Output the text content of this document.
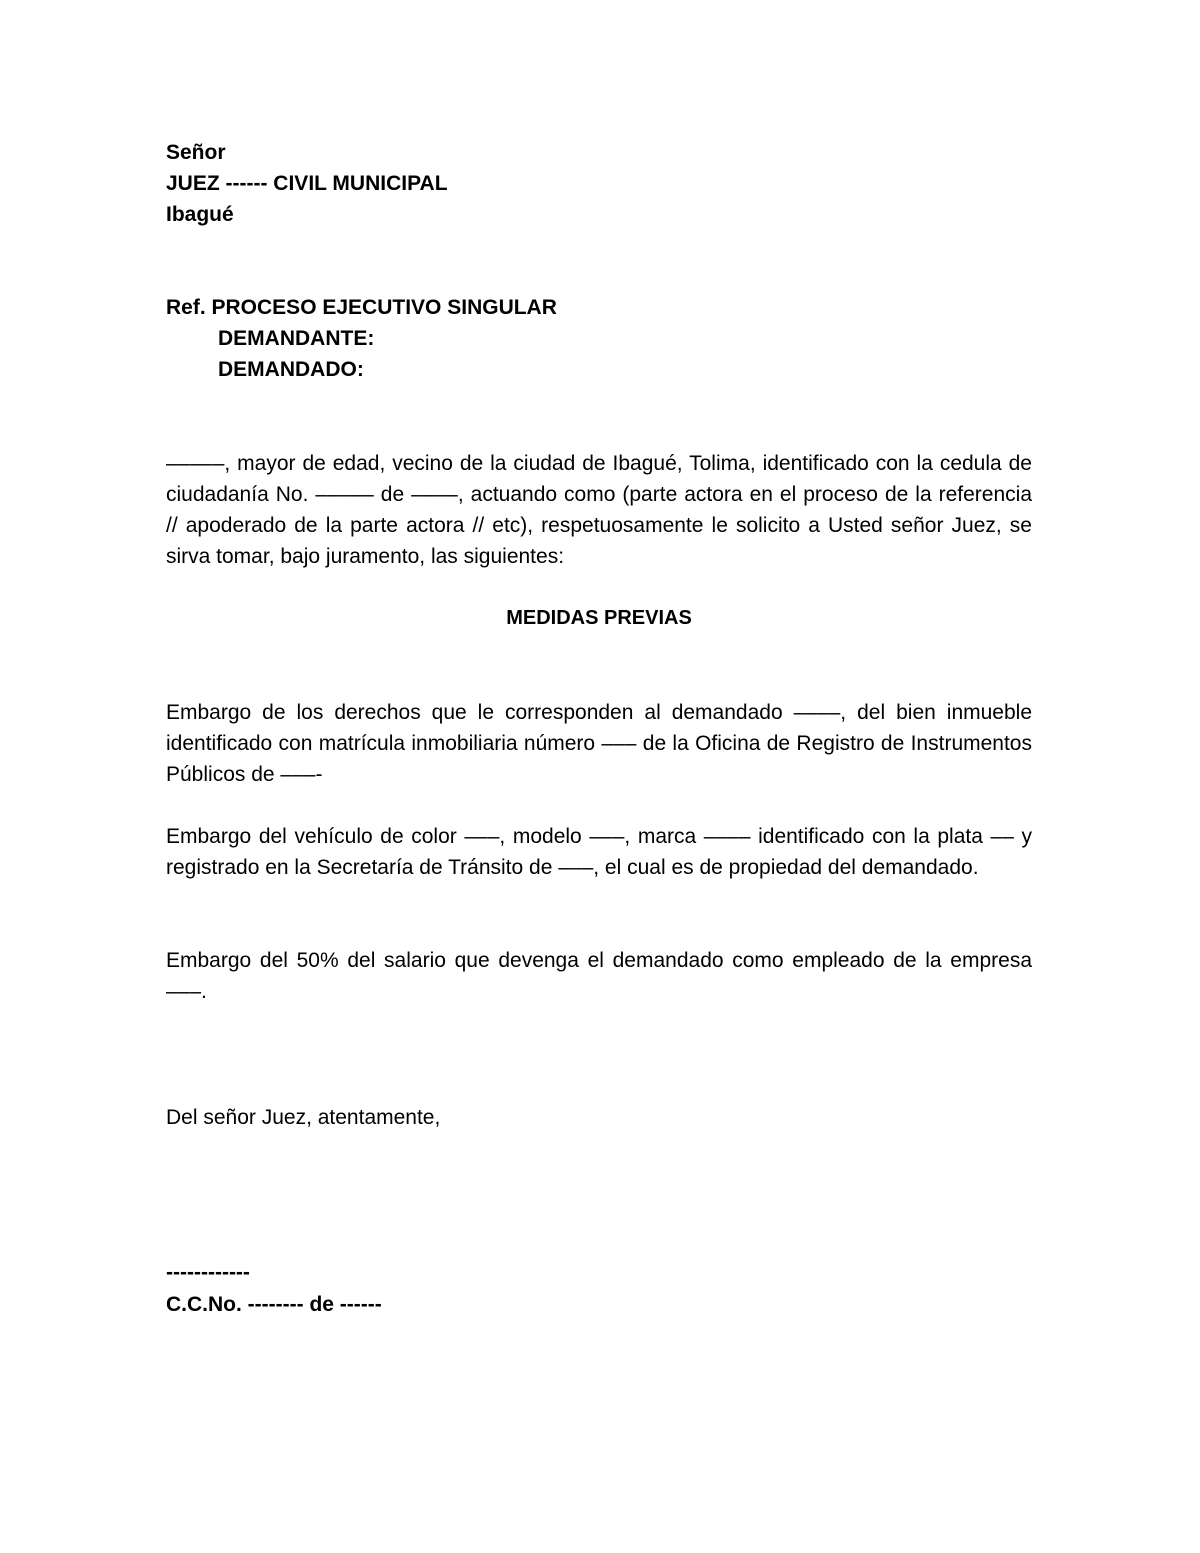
Señor
JUEZ ------ CIVIL MUNICIPAL
Ibagué
Ref. PROCESO EJECUTIVO SINGULAR
DEMANDANTE:
DEMANDADO:

–––––, mayor de edad, vecino de la ciudad de Ibagué, Tolima, identificado con la cedula de ciudadanía No. ––––– de ––––, actuando como (parte actora en el proceso de la referencia // apoderado de la parte actora // etc), respetuosamente le solicito a Usted señor Juez, se sirva tomar, bajo juramento, las siguientes:

MEDIDAS PREVIAS

Embargo de los derechos que le corresponden al demandado ––––, del bien inmueble identificado con matrícula inmobiliaria número ––– de la Oficina de Registro de Instrumentos Públicos de –––-

Embargo del vehículo de color –––, modelo –––, marca –––– identificado con la plata –– y registrado en la Secretaría de Tránsito de –––, el cual es de propiedad del demandado.

Embargo del 50% del salario que devenga el demandado como empleado de la empresa –––.

Del señor Juez, atentamente,
------------
C.C.No. -------- de ------
